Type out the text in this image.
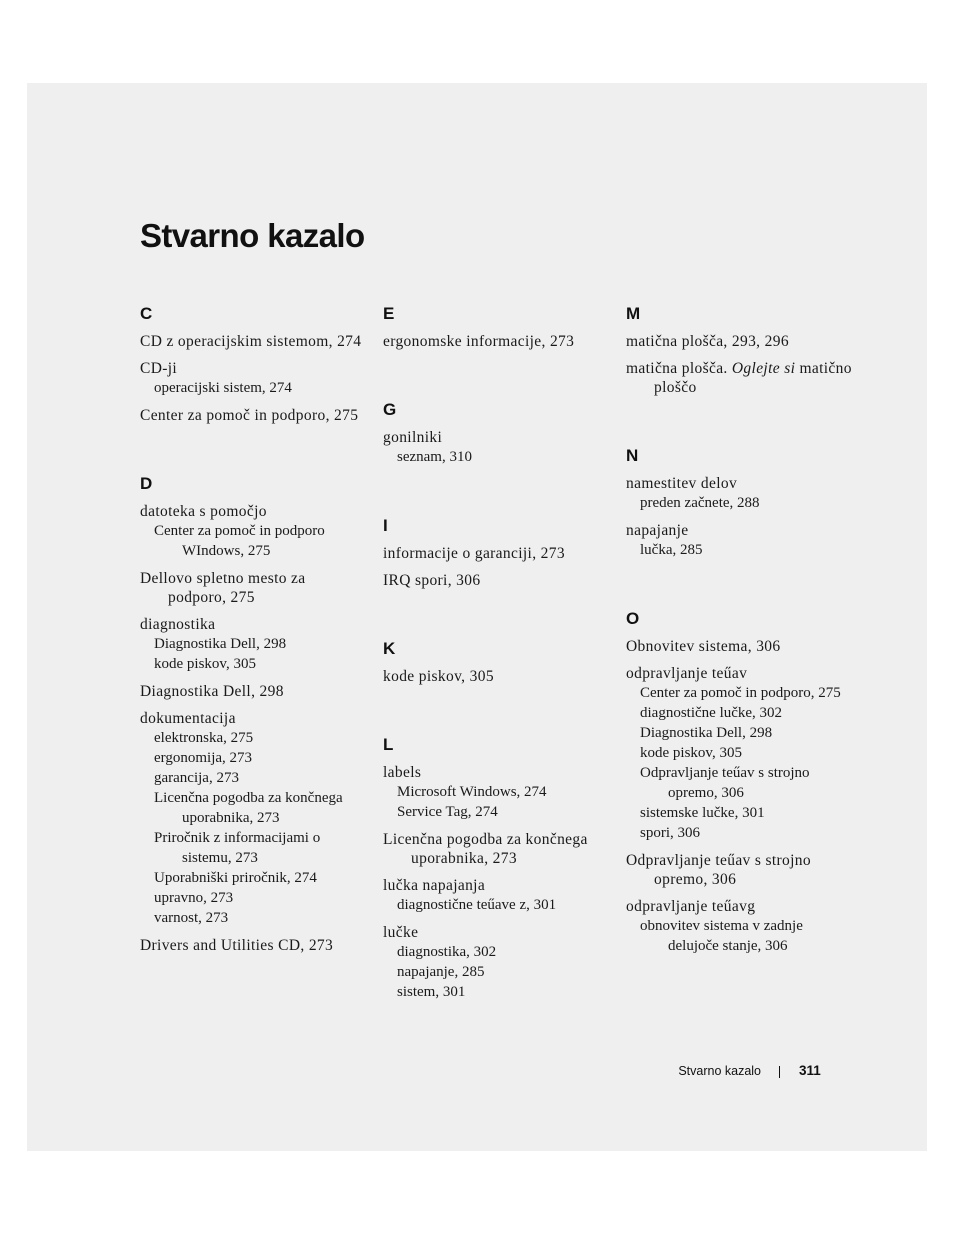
Stvarno kazalo
C
CD z operacijskim sistemom, 274
CD-ji
operacijski sistem, 274
Center za pomoč in podporo, 275
D
datoteka s pomočjo
Center za pomoč in podporo WIndows, 275
Dellovo spletno mesto za podporo, 275
diagnostika
Diagnostika Dell, 298
kode piskov, 305
Diagnostika Dell, 298
dokumentacija
elektronska, 275
ergonomija, 273
garancija, 273
Licenčna pogodba za končnega uporabnika, 273
Priročnik z informacijami o sistemu, 273
Uporabniški priročnik, 274
upravno, 273
varnost, 273
Drivers and Utilities CD, 273
E
ergonomske informacije, 273
G
gonilniki
seznam, 310
I
informacije o garanciji, 273
IRQ spori, 306
K
kode piskov, 305
L
labels
Microsoft Windows, 274
Service Tag, 274
Licenčna pogodba za končnega uporabnika, 273
lučka napajanja
diagnostične teűave z, 301
lučke
diagnostika, 302
napajanje, 285
sistem, 301
M
matična plošča, 293, 296
matična plošča. Oglejte si matično ploščo
N
namestitev delov
preden začnete, 288
napajanje
lučka, 285
O
Obnovitev sistema, 306
odpravljanje teűav
Center za pomoč in podporo, 275
diagnostične lučke, 302
Diagnostika Dell, 298
kode piskov, 305
Odpravljanje teűav s strojno opremo, 306
sistemske lučke, 301
spori, 306
Odpravljanje teűav s strojno opremo, 306
odpravljanje teűavg
obnovitev sistema v zadnje delujoče stanje, 306
Stvarno kazalo	311
